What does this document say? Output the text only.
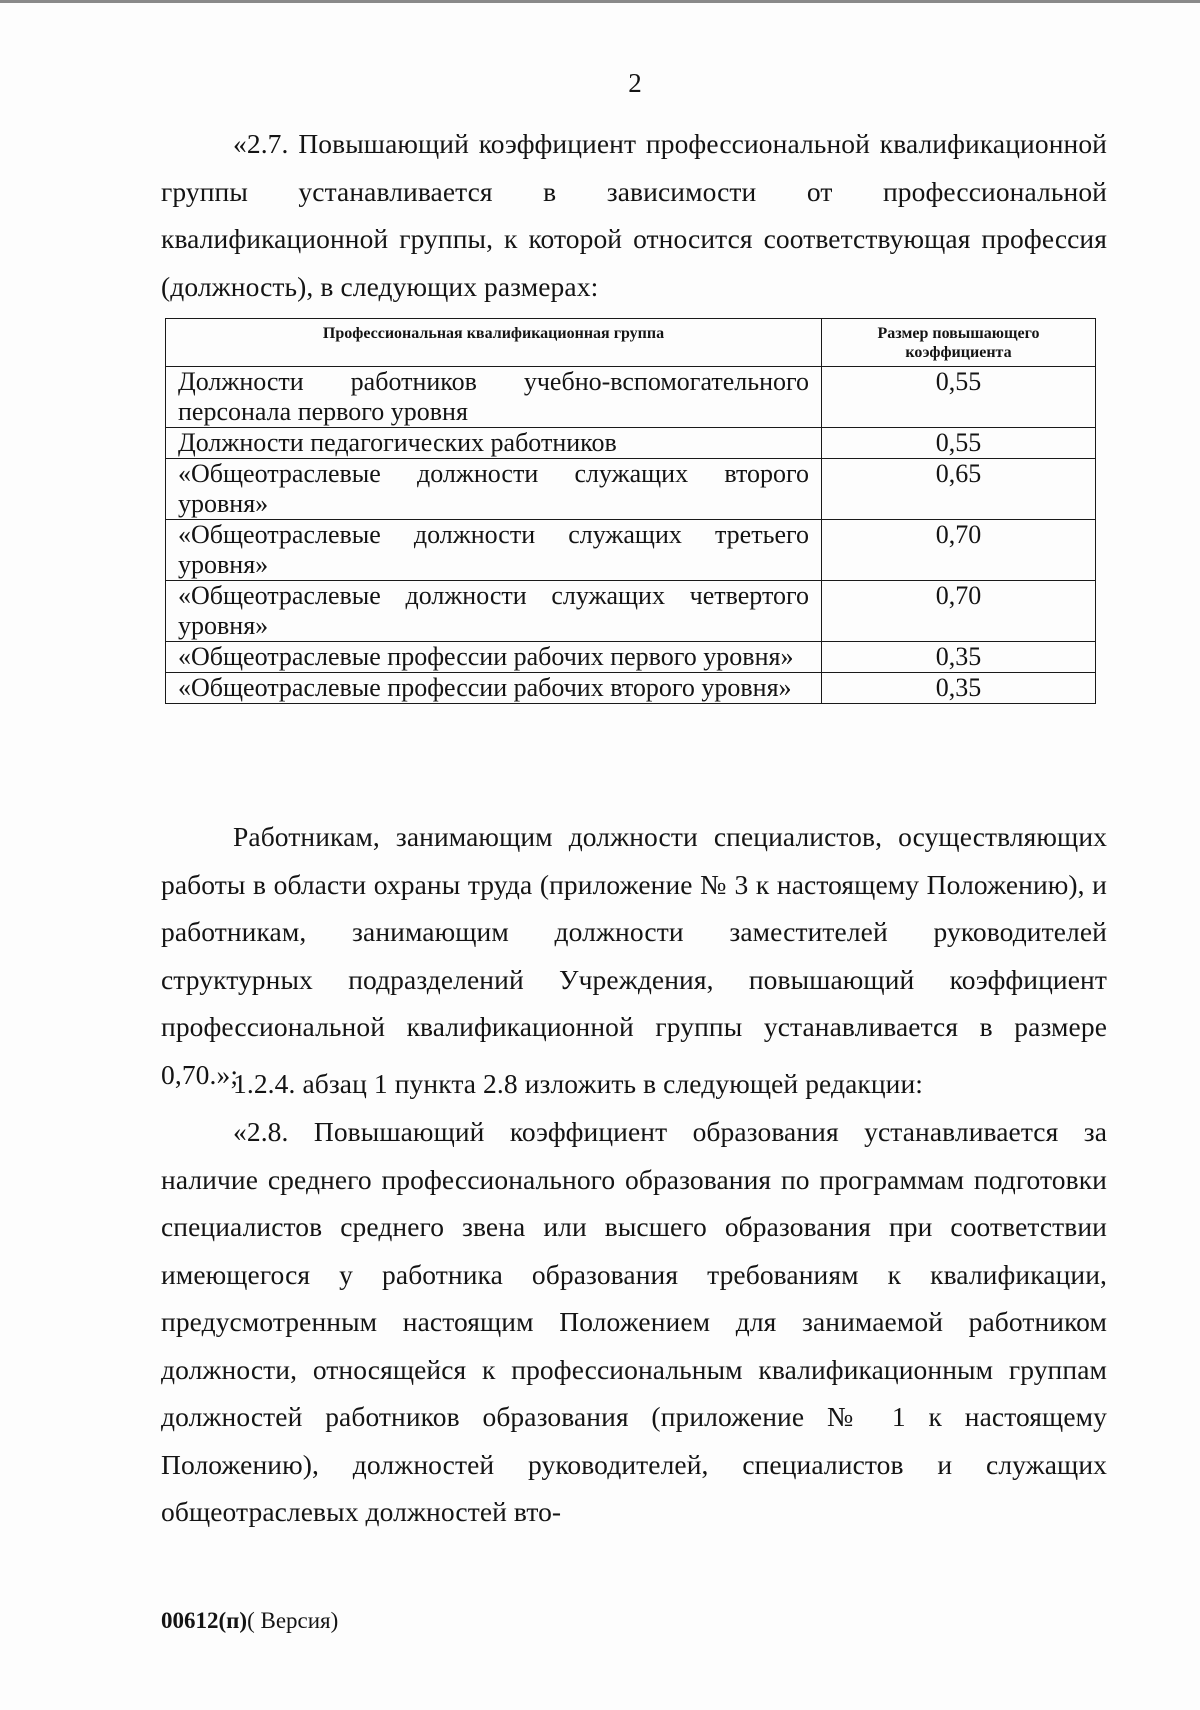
2

«2.7. Повышающий коэффициент профессиональной квалификационной группы устанавливается в зависимости от профессиональной квалификационной группы, к которой относится соответствующая профессия (должность), в следующих размерах:

Профессиональная квалификационная группа	Размер повышающего коэффициента
Должности работников учебно-вспомогательного персонала первого уровня	0,55
Должности педагогических работников	0,55
«Общеотраслевые должности служащих второго уровня»	0,65
«Общеотраслевые должности служащих третьего уровня»	0,70
«Общеотраслевые должности служащих четвертого уровня»	0,70
«Общеотраслевые профессии рабочих первого уровня»	0,35
«Общеотраслевые профессии рабочих второго уровня»	0,35

Работникам, занимающим должности специалистов, осуществляющих работы в области охраны труда (приложение № 3 к настоящему Положению), и работникам, занимающим должности заместителей руководителей структурных подразделений Учреждения, повышающий коэффициент профессиональной квалификационной группы устанавливается в размере 0,70.»;

1.2.4. абзац 1 пункта 2.8 изложить в следующей редакции:

«2.8. Повышающий коэффициент образования устанавливается за наличие среднего профессионального образования по программам подготовки специалистов среднего звена или высшего образования при соответствии имеющегося у работника образования требованиям к квалификации, предусмотренным настоящим Положением для занимаемой работником должности, относящейся к профессиональным квалификационным группам должностей работников образования (приложение № 1 к настоящему Положению), должностей руководителей, специалистов и служащих общеотраслевых должностей вто-

00612(п)( Версия)
